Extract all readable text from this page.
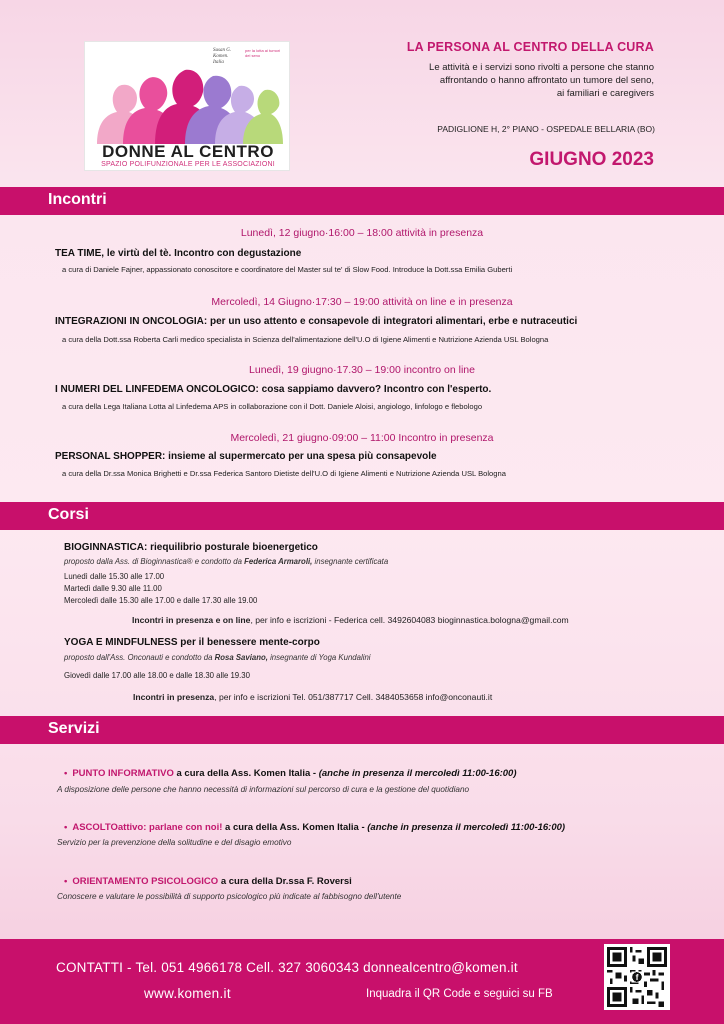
Susan G.
Komen.
Italia
per la lotta ai tumori del seno
DONNE AL CENTRO
SPAZIO POLIFUNZIONALE PER LE ASSOCIAZIONI
LA PERSONA AL CENTRO DELLA CURA
Le attività e i servizi sono rivolti a persone che stanno
affrontando o hanno affrontato un tumore del seno,
ai familiari e caregivers
PADIGLIONE H, 2° PIANO - OSPEDALE BELLARIA (BO)
GIUGNO 2023
Incontri
Lunedì, 12 giugno·16:00 – 18:00 attività in presenza
TEA TIME, le virtù del tè. Incontro con degustazione
a cura di Daniele Fajner, appassionato conoscitore e coordinatore del Master sul te' di Slow Food. Introduce la Dott.ssa Emilia Guberti
Mercoledì, 14 Giugno·17:30 – 19:00 attività on line e in presenza
INTEGRAZIONI IN ONCOLOGIA: per un uso attento e consapevole di integratori alimentari, erbe e nutraceutici
a cura della Dott.ssa Roberta Carli medico specialista in Scienza dell'alimentazione dell'U.O di Igiene Alimenti e Nutrizione Azienda USL Bologna
Lunedì, 19 giugno·17.30 – 19:00 incontro on line
I NUMERI DEL LINFEDEMA ONCOLOGICO: cosa sappiamo davvero? Incontro con l'esperto.
a cura della Lega Italiana Lotta al Linfedema APS in collaborazione con il Dott. Daniele Aloisi, angiologo, linfologo e flebologo
Mercoledì, 21 giugno·09:00 – 11:00 Incontro in presenza
PERSONAL SHOPPER: insieme al supermercato per una spesa più consapevole
a cura della Dr.ssa Monica Brighetti e Dr.ssa Federica Santoro Dietiste dell'U.O di Igiene Alimenti e Nutrizione Azienda USL Bologna
Corsi
BIOGINNASTICA: riequilibrio posturale bioenergetico
proposto dalla Ass. di Bioginnastica® e condotto da Federica Armaroli, insegnante certificata
Lunedì dalle 15.30 alle 17.00
Martedì dalle 9.30 alle 11.00
Mercoledì dalle 15.30 alle 17.00 e dalle 17.30 alle 19.00
Incontri in presenza e on line, per info e iscrizioni - Federica cell. 3492604083 bioginnastica.bologna@gmail.com
YOGA E MINDFULNESS per il benessere mente-corpo
proposto dall'Ass. Onconauti e condotto da Rosa Saviano, insegnante di Yoga Kundalini
Giovedì dalle 17.00 alle 18.00 e dalle 18.30 alle 19.30
Incontri in presenza, per info e iscrizioni Tel. 051/387717 Cell. 3484053658 info@onconauti.it
Servizi
• PUNTO INFORMATIVO a cura della Ass. Komen Italia - (anche in presenza il mercoledì 11:00-16:00)
A disposizione delle persone che hanno necessità di informazioni sul percorso di cura e la gestione del quotidiano
• ASCOLTOattivo: parlane con noi! a cura della Ass. Komen Italia - (anche in presenza il mercoledì 11:00-16:00)
Servizio per la prevenzione della solitudine e del disagio emotivo
• ORIENTAMENTO PSICOLOGICO a cura della Dr.ssa F. Roversi
Conoscere e valutare le possibilità di supporto psicologico più indicate al fabbisogno dell'utente
CONTATTI - Tel. 051 4966178 Cell. 327 3060343 donnealcentro@komen.it
www.komen.it	Inquadra il QR Code e seguici su FB
f
